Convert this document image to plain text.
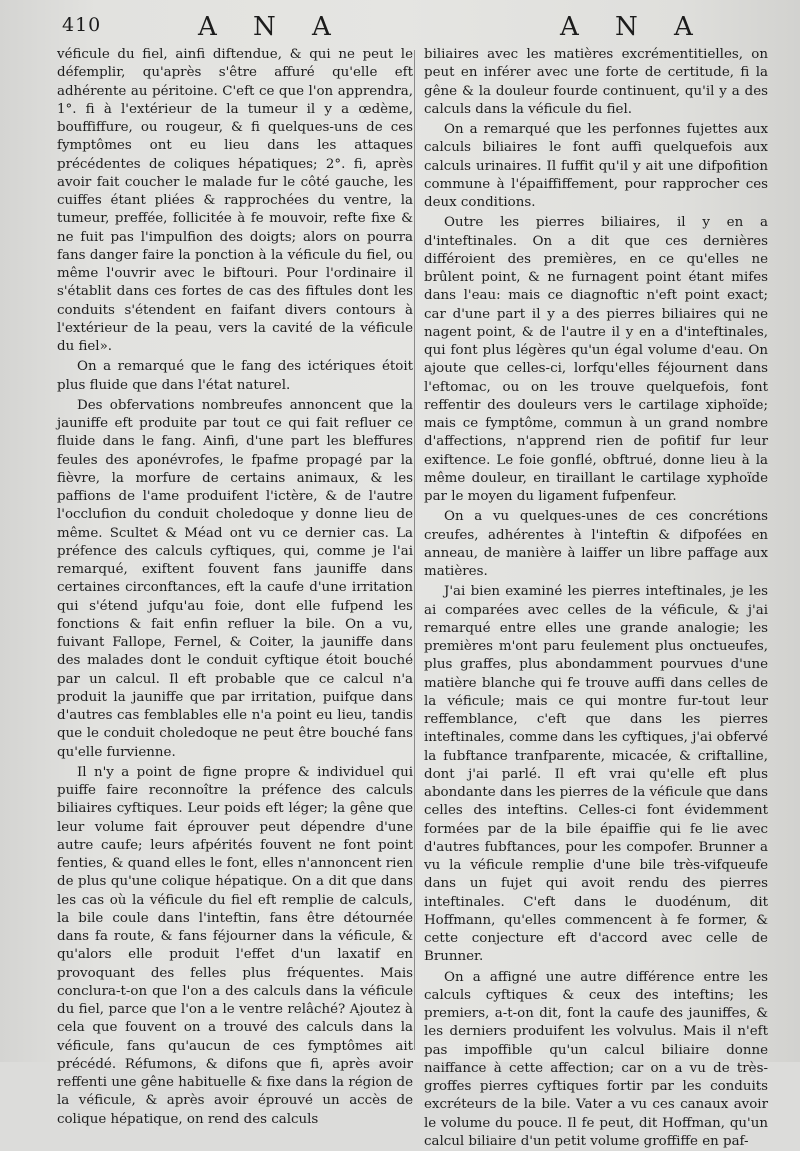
410	A N A	A N A

véficule du fiel, ainfi diftendue, & qui ne peut le défemplir, qu'après s'être affuré qu'elle eft adhérente au péritoine. C'eft ce que l'on apprendra, 1°. fi à l'extérieur de la tumeur il y a œdème, bouffiffure, ou rougeur, & fi quelques-uns de ces fymptômes ont eu lieu dans les attaques précédentes de coliques hépatiques; 2°. fi, après avoir fait coucher le malade fur le côté gauche, les cuiffes étant pliées & rapprochées du ventre, la tumeur, preffée, follicitée à fe mouvoir, refte fixe & ne fuit pas l'impulfion des doigts; alors on pourra fans danger faire la ponction à la véficule du fiel, ou même l'ouvrir avec le biftouri. Pour l'ordinaire il s'établit dans ces fortes de cas des fiftules dont les conduits s'étendent en faifant divers contours à l'extérieur de la peau, vers la cavité de la véficule du fiel».

On a remarqué que le fang des ictériques étoit plus fluide que dans l'état naturel.

Des obfervations nombreufes annoncent que la jauniffe eft produite par tout ce qui fait refluer ce fluide dans le fang. Ainfi, d'une part les bleffures feules des aponévrofes, le fpafme propagé par la fièvre, la morfure de certains animaux, & les paffions de l'ame produifent l'ictère, & de l'autre l'occlufion du conduit choledoque y donne lieu de même. Scultet & Méad ont vu ce dernier cas. La préfence des calculs cyftiques, qui, comme je l'ai remarqué, exiftent fouvent fans jauniffe dans certaines circonftances, eft la caufe d'une irritation qui s'étend jufqu'au foie, dont elle fufpend les fonctions & fait enfin refluer la bile. On a vu, fuivant Fallope, Fernel, & Coiter, la jauniffe dans des malades dont le conduit cyftique étoit bouché par un calcul. Il eft probable que ce calcul n'a produit la jauniffe que par irritation, puifque dans d'autres cas femblables elle n'a point eu lieu, tandis que le conduit choledoque ne peut être bouché fans qu'elle furvienne.

Il n'y a point de figne propre & individuel qui puiffe faire reconnoître la préfence des calculs biliaires cyftiques. Leur poids eft léger; la gêne que leur volume fait éprouver peut dépendre d'une autre caufe; leurs afpérités fouvent ne font point fenties, & quand elles le font, elles n'annoncent rien de plus qu'une colique hépatique. On a dit que dans les cas où la véficule du fiel eft remplie de calculs, la bile coule dans l'inteftin, fans être détournée dans fa route, & fans féjourner dans la véficule, & qu'alors elle produit l'effet d'un laxatif en provoquant des felles plus fréquentes. Mais conclura-t-on que l'on a des calculs dans la véficule du fiel, parce que l'on a le ventre relâché? Ajoutez à cela que fouvent on a trouvé des calculs dans la véficule, fans qu'aucun de ces fymptômes ait précédé. Réfumons, & difons que fi, après avoir reffenti une gêne habituelle & fixe dans la région de la véficule, & après avoir éprouvé un accès de colique hépatique, on rend des calculs

biliaires avec les matières excrémentitielles, on peut en inférer avec une forte de certitude, fi la gêne & la douleur fourde continuent, qu'il y a des calculs dans la véficule du fiel.

On a remarqué que les perfonnes fujettes aux calculs biliaires le font auffi quelquefois aux calculs urinaires. Il fuffit qu'il y ait une difpofition commune à l'épaiffiffement, pour rapprocher ces deux conditions.

Outre les pierres biliaires, il y en a d'inteftinales. On a dit que ces dernières différoient des premières, en ce qu'elles ne brûlent point, & ne furnagent point étant mifes dans l'eau: mais ce diagnoftic n'eft point exact; car d'une part il y a des pierres biliaires qui ne nagent point, & de l'autre il y en a d'inteftinales, qui font plus légères qu'un égal volume d'eau. On ajoute que celles-ci, lorfqu'elles féjournent dans l'eftomac, ou on les trouve quelquefois, font reffentir des douleurs vers le cartilage xiphoïde; mais ce fymptôme, commun à un grand nombre d'affections, n'apprend rien de pofitif fur leur exiftence. Le foie gonflé, obftrué, donne lieu à la même douleur, en tiraillant le cartilage xyphoïde par le moyen du ligament fufpenfeur.

On a vu quelques-unes de ces concrétions creufes, adhérentes à l'inteftin & difpofées en anneau, de manière à laiffer un libre paffage aux matières.

J'ai bien examiné les pierres inteftinales, je les ai comparées avec celles de la véficule, & j'ai remarqué entre elles une grande analogie; les premières m'ont paru feulement plus onctueufes, plus graffes, plus abondamment pourvues d'une matière blanche qui fe trouve auffi dans celles de la véficule; mais ce qui montre fur-tout leur reffemblance, c'eft que dans les pierres inteftinales, comme dans les cyftiques, j'ai obfervé la fubftance tranfparente, micacée, & criftalline, dont j'ai parlé. Il eft vrai qu'elle eft plus abondante dans les pierres de la véficule que dans celles des inteftins. Celles-ci font évidemment formées par de la bile épaiffie qui fe lie avec d'autres fubftances, pour les compofer. Brunner a vu la véficule remplie d'une bile très-vifqueufe dans un fujet qui avoit rendu des pierres inteftinales. C'eft dans le duodénum, dit Hoffmann, qu'elles commencent à fe former, & cette conjecture eft d'accord avec celle de Brunner.

On a affigné une autre différence entre les calculs cyftiques & ceux des inteftins; les premiers, a-t-on dit, font la caufe des jauniffes, & les derniers produifent les volvulus. Mais il n'eft pas impoffible qu'un calcul biliaire donne naiffance à cette affection; car on a vu de très-groffes pierres cyftiques fortir par les conduits excréteurs de la bile. Vater a vu ces canaux avoir le volume du pouce. Il fe peut, dit Hoffman, qu'un calcul biliaire d'un petit volume groffiffe en paf-
